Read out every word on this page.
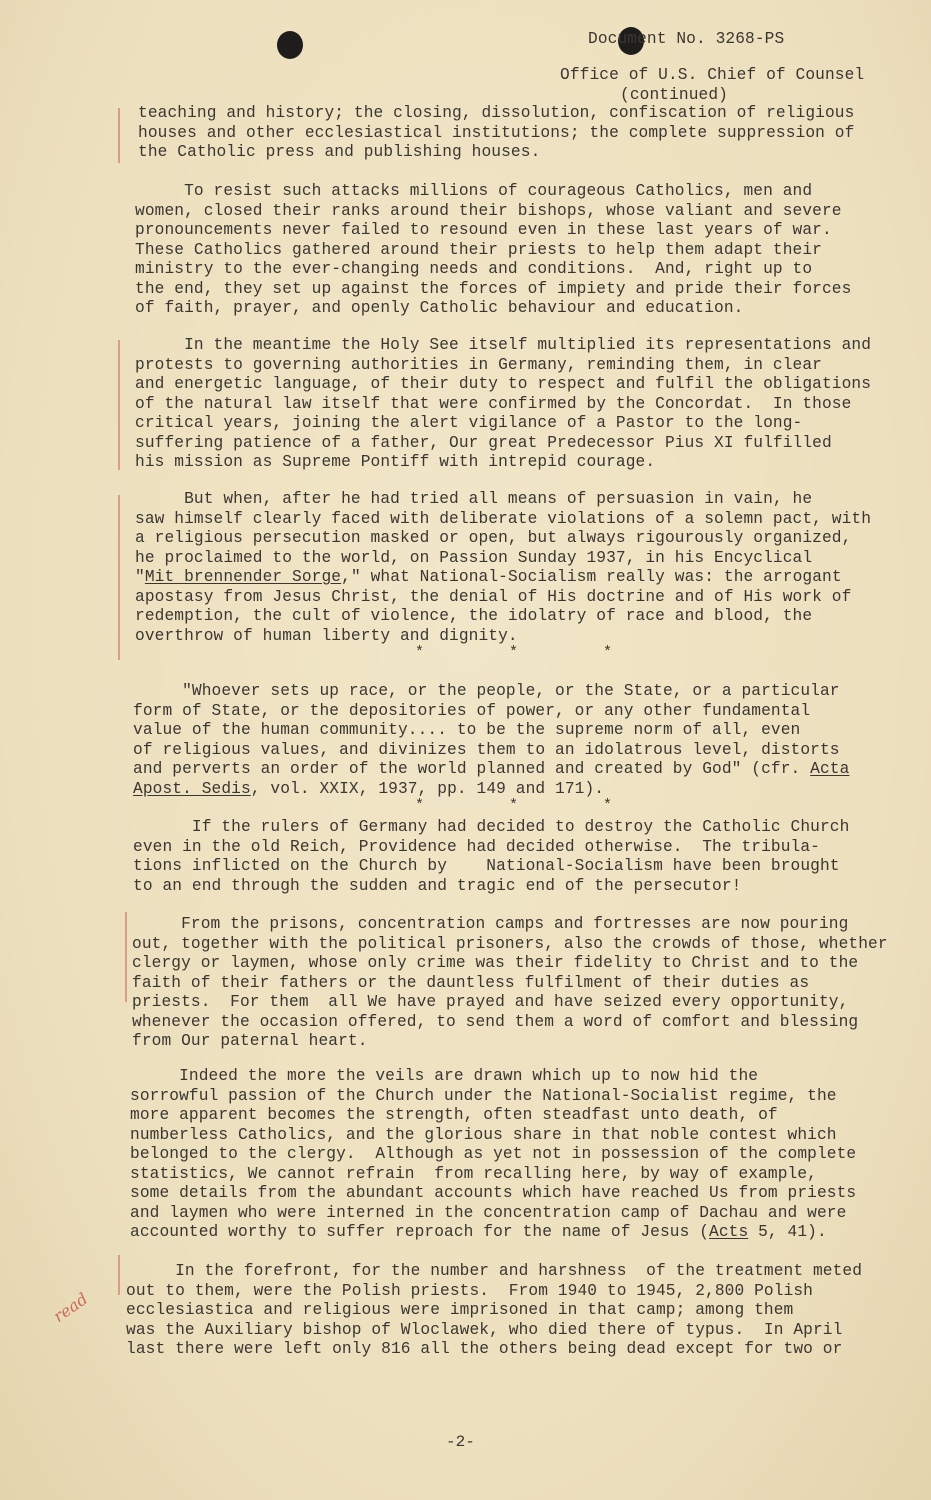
Document No. 3268-PS
Office of U.S. Chief of Counsel
(continued)
read
teaching and history; the closing, dissolution, confiscation of religious
houses and other ecclesiastical institutions; the complete suppression of
the Catholic press and publishing houses.
To resist such attacks millions of courageous Catholics, men and
women, closed their ranks around their bishops, whose valiant and severe
pronouncements never failed to resound even in these last years of war.
These Catholics gathered around their priests to help them adapt their
ministry to the ever-changing needs and conditions.  And, right up to
the end, they set up against the forces of impiety and pride their forces
of faith, prayer, and openly Catholic behaviour and education.
In the meantime the Holy See itself multiplied its representations and
protests to governing authorities in Germany, reminding them, in clear
and energetic language, of their duty to respect and fulfil the obligations
of the natural law itself that were confirmed by the Concordat.  In those
critical years, joining the alert vigilance of a Pastor to the long-
suffering patience of a father, Our great Predecessor Pius XI fulfilled
his mission as Supreme Pontiff with intrepid courage.
But when, after he had tried all means of persuasion in vain, he
saw himself clearly faced with deliberate violations of a solemn pact, with
a religious persecution masked or open, but always rigourously organized,
he proclaimed to the world, on Passion Sunday 1937, in his Encyclical
"Mit brennender Sorge," what National-Socialism really was: the arrogant
apostasy from Jesus Christ, the denial of His doctrine and of His work of
redemption, the cult of violence, the idolatry of race and blood, the
overthrow of human liberty and dignity.
* * *
"Whoever sets up race, or the people, or the State, or a particular
form of State, or the depositories of power, or any other fundamental
value of the human community.... to be the supreme norm of all, even
of religious values, and divinizes them to an idolatrous level, distorts
and perverts an order of the world planned and created by God" (cfr. Acta
Apost. Sedis, vol. XXIX, 1937, pp. 149 and 171).
* * *
If the rulers of Germany had decided to destroy the Catholic Church
even in the old Reich, Providence had decided otherwise.  The tribula-
tions inflicted on the Church by    National-Socialism have been brought
to an end through the sudden and tragic end of the persecutor!
From the prisons, concentration camps and fortresses are now pouring
out, together with the political prisoners, also the crowds of those, whether
clergy or laymen, whose only crime was their fidelity to Christ and to the
faith of their fathers or the dauntless fulfilment of their duties as
priests.  For them  all We have prayed and have seized every opportunity,
whenever the occasion offered, to send them a word of comfort and blessing
from Our paternal heart.
Indeed the more the veils are drawn which up to now hid the
sorrowful passion of the Church under the National-Socialist regime, the
more apparent becomes the strength, often steadfast unto death, of
numberless Catholics, and the glorious share in that noble contest which
belonged to the clergy.  Although as yet not in possession of the complete
statistics, We cannot refrain  from recalling here, by way of example,
some details from the abundant accounts which have reached Us from priests
and laymen who were interned in the concentration camp of Dachau and were
accounted worthy to suffer reproach for the name of Jesus (Acts 5, 41).
In the forefront, for the number and harshness  of the treatment meted
out to them, were the Polish priests.  From 1940 to 1945, 2,800 Polish
ecclesiastica and religious were imprisoned in that camp; among them
was the Auxiliary bishop of Wloclawek, who died there of typus.  In April
last there were left only 816 all the others being dead except for two or
-2-
